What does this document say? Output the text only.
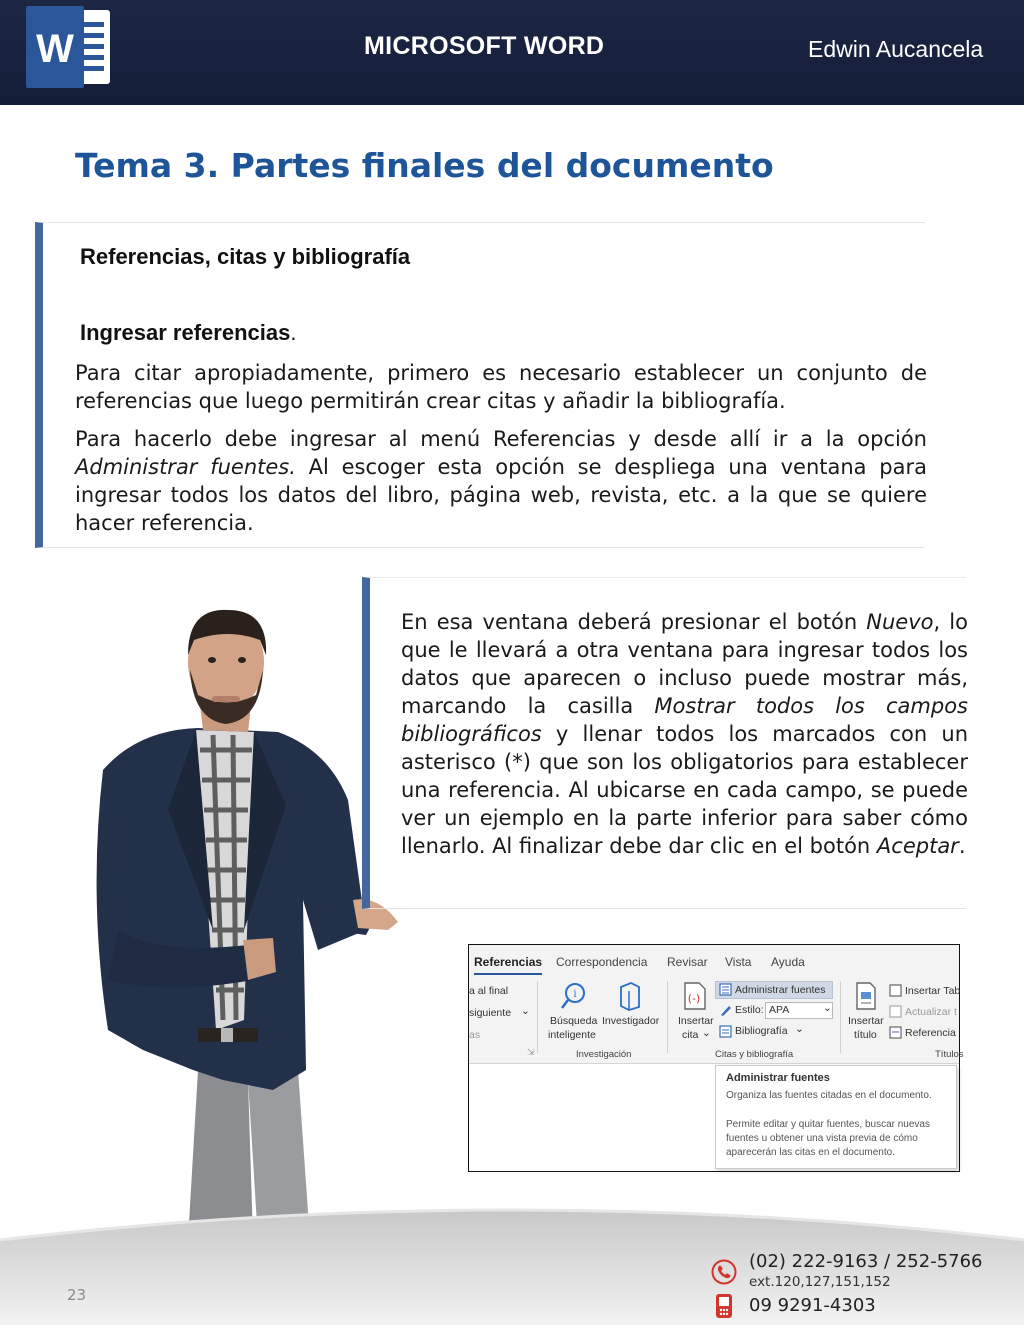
W	MICROSOFT WORD	Edwin Aucancela
Tema 3. Partes finales del documento
Referencias, citas y bibliografía
Ingresar referencias.

Para citar apropiadamente, primero es necesario establecer un conjunto de referencias que luego permitirán crear citas y añadir la bibliografía.

Para hacerlo debe ingresar al menú Referencias y desde allí ir a la opción Administrar fuentes. Al escoger esta opción se despliega una ventana para ingresar todos los datos del libro, página web, revista, etc. a la que se quiere hacer referencia.

En esa ventana deberá presionar el botón Nuevo, lo que le llevará a otra ventana para ingresar todos los datos que aparecen o incluso puede mostrar más, marcando la casilla Mostrar todos los campos bibliográficos y llenar todos los marcados con un asterisco (*) que son los obligatorios para establecer una referencia. Al ubicarse en cada campo, se puede ver un ejemplo en la parte inferior para saber cómo llenarlo. Al finalizar debe dar clic en el botón Aceptar.

Referencias Correspondencia Revisar Vista Ayuda
a al final
siguiente ⌄
as
⇲
i
Búsqueda
inteligente
Investigador
Investigación
(-)
Insertar
cita ⌄
Administrar fuentes
Estilo: APA	⌄
Bibliografía ⌄
Citas y bibliografía
Insertar
título
Insertar Tab
Actualizar t
Referencia
Títulos
Administrar fuentes
Organiza las fuentes citadas en el documento.
Permite editar y quitar fuentes, buscar nuevas fuentes u obtener una vista previa de cómo aparecerán las citas en el documento.
23
(02) 222-9163 / 252-5766
ext.120,127,151,152
09 9291-4303
